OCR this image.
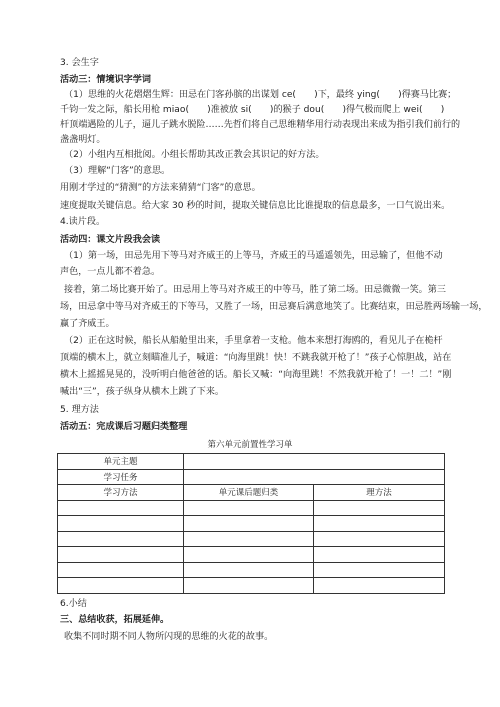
3. 会生字
活动三：情境识字学词
（1）思维的火花熠熠生辉：田忌在门客孙膑的出谋划 ce(　　)下，最终 ying(　　)得赛马比赛；
千钧一发之际，船长用枪 miao(　　)准被放 si(　　)的猴子 dou(　　)得气极而爬上 wei(　　)
杆顶端遇险的儿子，逼儿子跳水脱险……先哲们将自己思维精华用行动表现出来成为指引我们前行的
盏盏明灯。
（2）小组内互相批阅。小组长帮助其改正教会其识记的好方法。
（3）理解“门客”的意思。
用刚才学过的“猜测”的方法来猜猜“门客”的意思。
速度提取关键信息。给大家 30 秒的时间，提取关键信息比比谁提取的信息最多，一口气说出来。
4.读片段。
活动四：课文片段我会读
（1）第一场，田忌先用下等马对齐威王的上等马，齐威王的马遥遥领先，田忌输了，但他不动
声色，一点儿都不着急。
接着，第二场比赛开始了。田忌用上等马对齐威王的中等马，胜了第二场。田忌微微一笑。第三
场，田忌拿中等马对齐威王的下等马，又胜了一场，田忌赛后满意地笑了。比赛结束，田忌胜两场输一场，
赢了齐威王。
（2）正在这时候，船长从船舱里出来，手里拿着一支枪。他本来想打海鸥的，看见儿子在桅杆
顶端的横木上，就立刻瞄准儿子，喊道：“向海里跳！快！不跳我就开枪了！”孩子心惊胆战，站在
横木上摇摇晃晃的，没听明白他爸爸的话。船长又喊：“向海里跳！不然我就开枪了！一！二！”刚
喊出“三”，孩子纵身从横木上跳了下来。
5. 理方法
活动五：完成课后习题归类整理
第六单元前置性学习单
单元主题		
学习任务		
学习方法	单元课后题归类	理方法

6.小结
三、总结收获，拓展延伸。
收集不同时期不同人物所闪现的思维的火花的故事。
